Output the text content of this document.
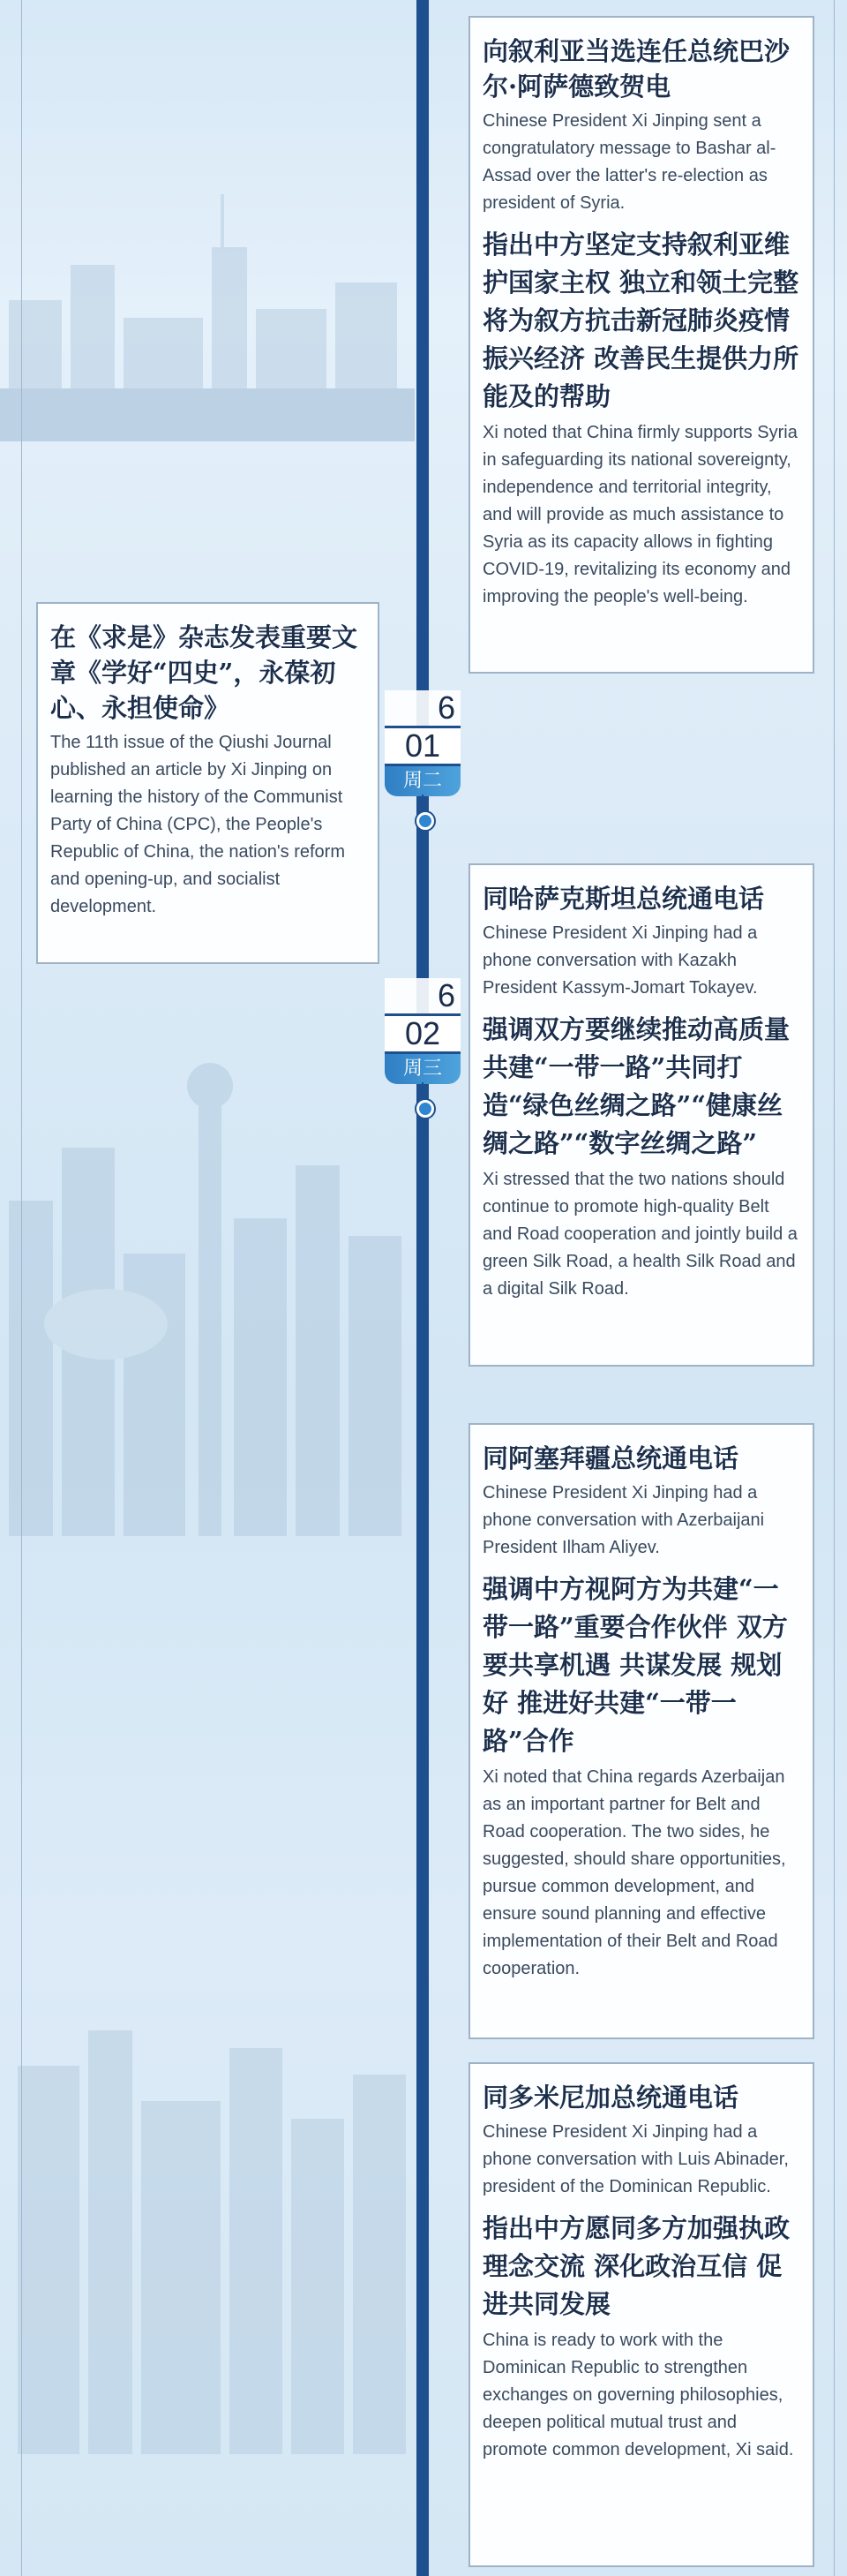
向叙利亚当选连任总统巴沙尔·阿萨德致贺电

Chinese President Xi Jinping sent a congratulatory message to Bashar al-Assad over the latter's re-election as president of Syria.

指出中方坚定支持叙利亚维护国家主权 独立和领土完整 将为叙方抗击新冠肺炎疫情 振兴经济 改善民生提供力所能及的帮助

Xi noted that China firmly supports Syria in safeguarding its national sovereignty, independence and territorial integrity, and will provide as much assistance to Syria as its capacity allows in fighting COVID-19, revitalizing its economy and improving the people's well-being.

在《求是》杂志发表重要文章《学好“四史”，永葆初心、永担使命》

The 11th issue of the Qiushi Journal published an article by Xi Jinping on learning the history of the Communist Party of China (CPC), the People's Republic of China, the nation's reform and opening-up, and socialist development.

6
01
周二

同哈萨克斯坦总统通电话

Chinese President Xi Jinping had a phone conversation with Kazakh President Kassym-Jomart Tokayev.

强调双方要继续推动高质量共建“一带一路”共同打造“绿色丝绸之路”“健康丝绸之路”“数字丝绸之路”

Xi stressed that the two nations should continue to promote high-quality Belt and Road cooperation and jointly build a green Silk Road, a health Silk Road and a digital Silk Road.

6
02
周三

同阿塞拜疆总统通电话

Chinese President Xi Jinping had a phone conversation with Azerbaijani President Ilham Aliyev.

强调中方视阿方为共建“一带一路”重要合作伙伴 双方要共享机遇 共谋发展 规划好 推进好共建“一带一路”合作

Xi noted that China regards Azerbaijan as an important partner for Belt and Road cooperation. The two sides, he suggested, should share opportunities, pursue common development, and ensure sound planning and effective implementation of their Belt and Road cooperation.

同多米尼加总统通电话

Chinese President Xi Jinping had a phone conversation with Luis Abinader, president of the Dominican Republic.

指出中方愿同多方加强执政理念交流 深化政治互信 促进共同发展

China is ready to work with the Dominican Republic to strengthen exchanges on governing philosophies, deepen political mutual trust and promote common development, Xi said.
